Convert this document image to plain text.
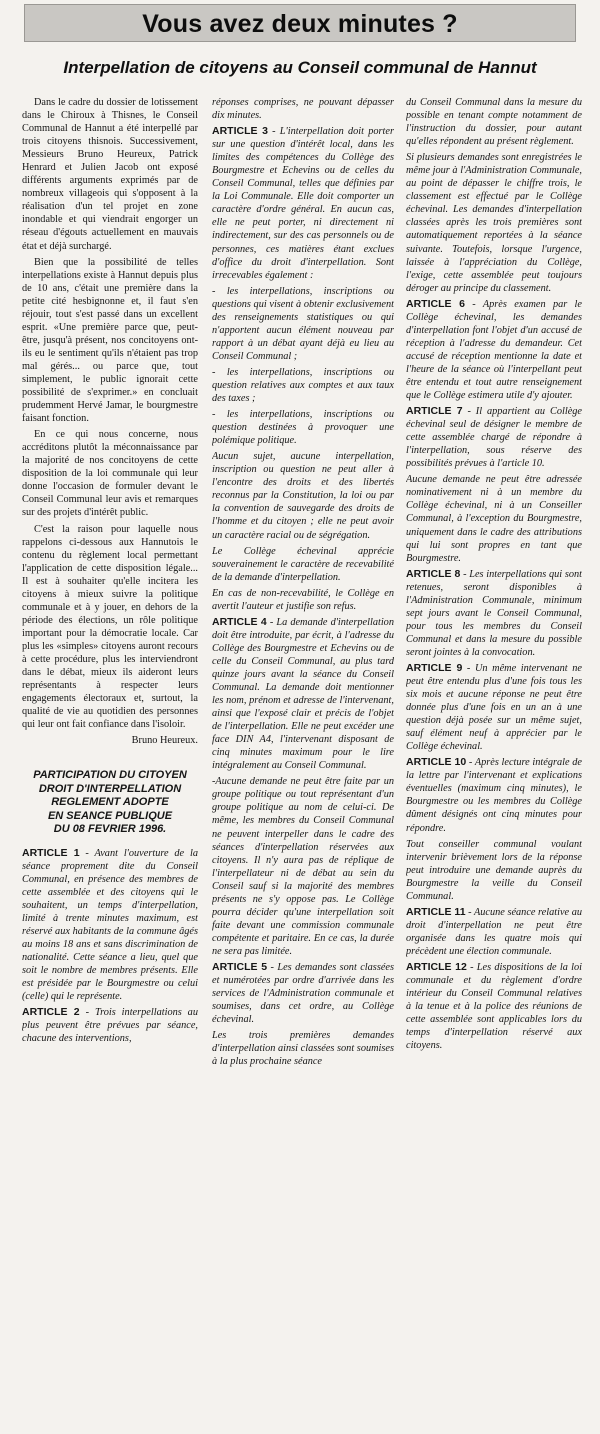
Vous avez deux minutes ?
Interpellation de citoyens au Conseil communal de Hannut

Dans le cadre du dossier de lotissement dans le Chiroux à Thisnes, le Conseil Communal de Hannut a été interpellé par trois citoyens thisnois. Successivement, Messieurs Bruno Heureux, Patrick Henrard et Julien Jacob ont exposé différents arguments exprimés par de nombreux villageois qui s'opposent à la réalisation d'un tel projet en zone inondable et qui viendrait engorger un réseau d'égouts actuellement en mauvais état et déjà surchargé.

Bien que la possibilité de telles interpellations existe à Hannut depuis plus de 10 ans, c'était une première dans la petite cité hesbignonne et, il faut s'en réjouir, tout s'est passé dans un excellent esprit. «Une première parce que, peut-être, jusqu'à présent, nos concitoyens ont-ils eu le sentiment qu'ils n'étaient pas trop mal gérés... ou parce que, tout simplement, le public ignorait cette possibilité de s'exprimer.» en concluait prudemment Hervé Jamar, le bourgmestre faisant fonction.

En ce qui nous concerne, nous accréditons plutôt la méconnaissance par la majorité de nos concitoyens de cette disposition de la loi communale qui leur donne l'occasion de formuler devant le Conseil Communal leur avis et remarques sur des projets d'intérêt public.

C'est la raison pour laquelle nous rappelons ci-dessous aux Hannutois le contenu du règlement local permettant l'application de cette disposition légale... Il est à souhaiter qu'elle incitera les citoyens à mieux suivre la politique communale et à y jouer, en dehors de la période des élections, un rôle politique important pour la démocratie locale. Car plus les «simples» citoyens auront recours à cette procédure, plus les interviendront dans le débat, mieux ils aideront leurs représentants à respecter leurs engagements électoraux et, surtout, la qualité de vie au quotidien des personnes qui leur ont fait confiance dans l'isoloir.

Bruno Heureux.

PARTICIPATION DU CITOYEN
DROIT D'INTERPELLATION
REGLEMENT ADOPTE
EN SEANCE PUBLIQUE
DU 08 FEVRIER 1996.

ARTICLE 1 - Avant l'ouverture de la séance proprement dite du Conseil Communal, en présence des membres de cette assemblée et des citoyens qui le souhaitent, un temps d'interpellation, limité à trente minutes maximum, est réservé aux habitants de la commune âgés au moins 18 ans et sans discrimination de nationalité. Cette séance a lieu, quel que soit le nombre de membres présents. Elle est présidée par le Bourgmestre ou celui (celle) qui le représente.

ARTICLE 2 - Trois interpellations au plus peuvent être prévues par séance, chacune des interventions,

réponses comprises, ne pouvant dépasser dix minutes.

ARTICLE 3 - L'interpellation doit porter sur une question d'intérêt local, dans les limites des compétences du Collège des Bourgmestre et Echevins ou de celles du Conseil Communal, telles que définies par la Loi Communale. Elle doit comporter un caractère d'ordre général. En aucun cas, elle ne peut porter, ni directement ni indirectement, sur des cas personnels ou de personnes, ces matières étant exclues d'office du droit d'interpellation. Sont irrecevables également :

- les interpellations, inscriptions ou questions qui visent à obtenir exclusivement des renseignements statistiques ou qui n'apportent aucun élément nouveau par rapport à un débat ayant déjà eu lieu au Conseil Communal ;

- les interpellations, inscriptions ou question relatives aux comptes et aux taux des taxes ;

- les interpellations, inscriptions ou question destinées à provoquer une polémique politique.

Aucun sujet, aucune interpellation, inscription ou question ne peut aller à l'encontre des droits et des libertés reconnus par la Constitution, la loi ou par la convention de sauvegarde des droits de l'homme et du citoyen ; elle ne peut avoir un caractère racial ou de ségrégation.

Le Collège échevinal apprécie souverainement le caractère de recevabilité de la demande d'interpellation.

En cas de non-recevabilité, le Collège en avertit l'auteur et justifie son refus.

ARTICLE 4 - La demande d'interpellation doit être introduite, par écrit, à l'adresse du Collège des Bourgmestre et Echevins ou de celle du Conseil Communal, au plus tard quinze jours avant la séance du Conseil Communal. La demande doit mentionner les nom, prénom et adresse de l'intervenant, ainsi que l'exposé clair et précis de l'objet de l'interpellation. Elle ne peut excéder une face DIN A4, l'intervenant disposant de cinq minutes maximum pour le lire intégralement au Conseil Communal.

-Aucune demande ne peut être faite par un groupe politique ou tout représentant d'un groupe politique au nom de celui-ci. De même, les membres du Conseil Communal ne peuvent interpeller dans le cadre des séances d'interpellation réservées aux citoyens. Il n'y aura pas de réplique de l'interpellateur ni de débat au sein du Conseil sauf si la majorité des membres présents ne s'y oppose pas. Le Collège pourra décider qu'une interpellation soit faite devant une commission communale compétente et paritaire. En ce cas, la durée ne sera pas limitée.

ARTICLE 5 - Les demandes sont classées et numérotées par ordre d'arrivée dans les services de l'Administration communale et soumises, dans cet ordre, au Collège échevinal.

Les trois premières demandes d'interpellation ainsi classées sont soumises à la plus prochaine séance

du Conseil Communal dans la mesure du possible en tenant compte notamment de l'instruction du dossier, pour autant qu'elles répondent au présent règlement.

Si plusieurs demandes sont enregistrées le même jour à l'Administration Communale, au point de dépasser le chiffre trois, le classement est effectué par le Collège échevinal. Les demandes d'interpellation classées après les trois premières sont automatiquement reportées à la séance suivante. Toutefois, lorsque l'urgence, laissée à l'appréciation du Collège, l'exige, cette assemblée peut toujours déroger au principe du classement.

ARTICLE 6 - Après examen par le Collège échevinal, les demandes d'interpellation font l'objet d'un accusé de réception à l'adresse du demandeur. Cet accusé de réception mentionne la date et l'heure de la séance où l'interpellant peut être entendu et tout autre renseignement que le Collège estimera utile d'y ajouter.

ARTICLE 7 - Il appartient au Collège échevinal seul de désigner le membre de cette assemblée chargé de répondre à l'interpellation, sous réserve des possibilités prévues à l'article 10.

Aucune demande ne peut être adressée nominativement ni à un membre du Collège échevinal, ni à un Conseiller Communal, à l'exception du Bourgmestre, uniquement dans le cadre des attributions qui lui sont propres en tant que Bourgmestre.

ARTICLE 8 - Les interpellations qui sont retenues, seront disponibles à l'Administration Communale, minimum sept jours avant le Conseil Communal, pour tous les membres du Conseil Communal et dans la mesure du possible seront jointes à la convocation.

ARTICLE 9 - Un même intervenant ne peut être entendu plus d'une fois tous les six mois et aucune réponse ne peut être donnée plus d'une fois en un an à une question déjà posée sur un même sujet, sauf élément neuf à apprécier par le Collège échevinal.

ARTICLE 10 - Après lecture intégrale de la lettre par l'intervenant et explications éventuelles (maximum cinq minutes), le Bourgmestre ou les membres du Collège dûment désignés ont cinq minutes pour répondre.

Tout conseiller communal voulant intervenir brièvement lors de la réponse peut introduire une demande auprès du Bourgmestre la veille du Conseil Communal.

ARTICLE 11 - Aucune séance relative au droit d'interpellation ne peut être organisée dans les quatre mois qui précèdent une élection communale.

ARTICLE 12 - Les dispositions de la loi communale et du règlement d'ordre intérieur du Conseil Communal relatives à la tenue et à la police des réunions de cette assemblée sont applicables lors du temps d'interpellation réservé aux citoyens.
